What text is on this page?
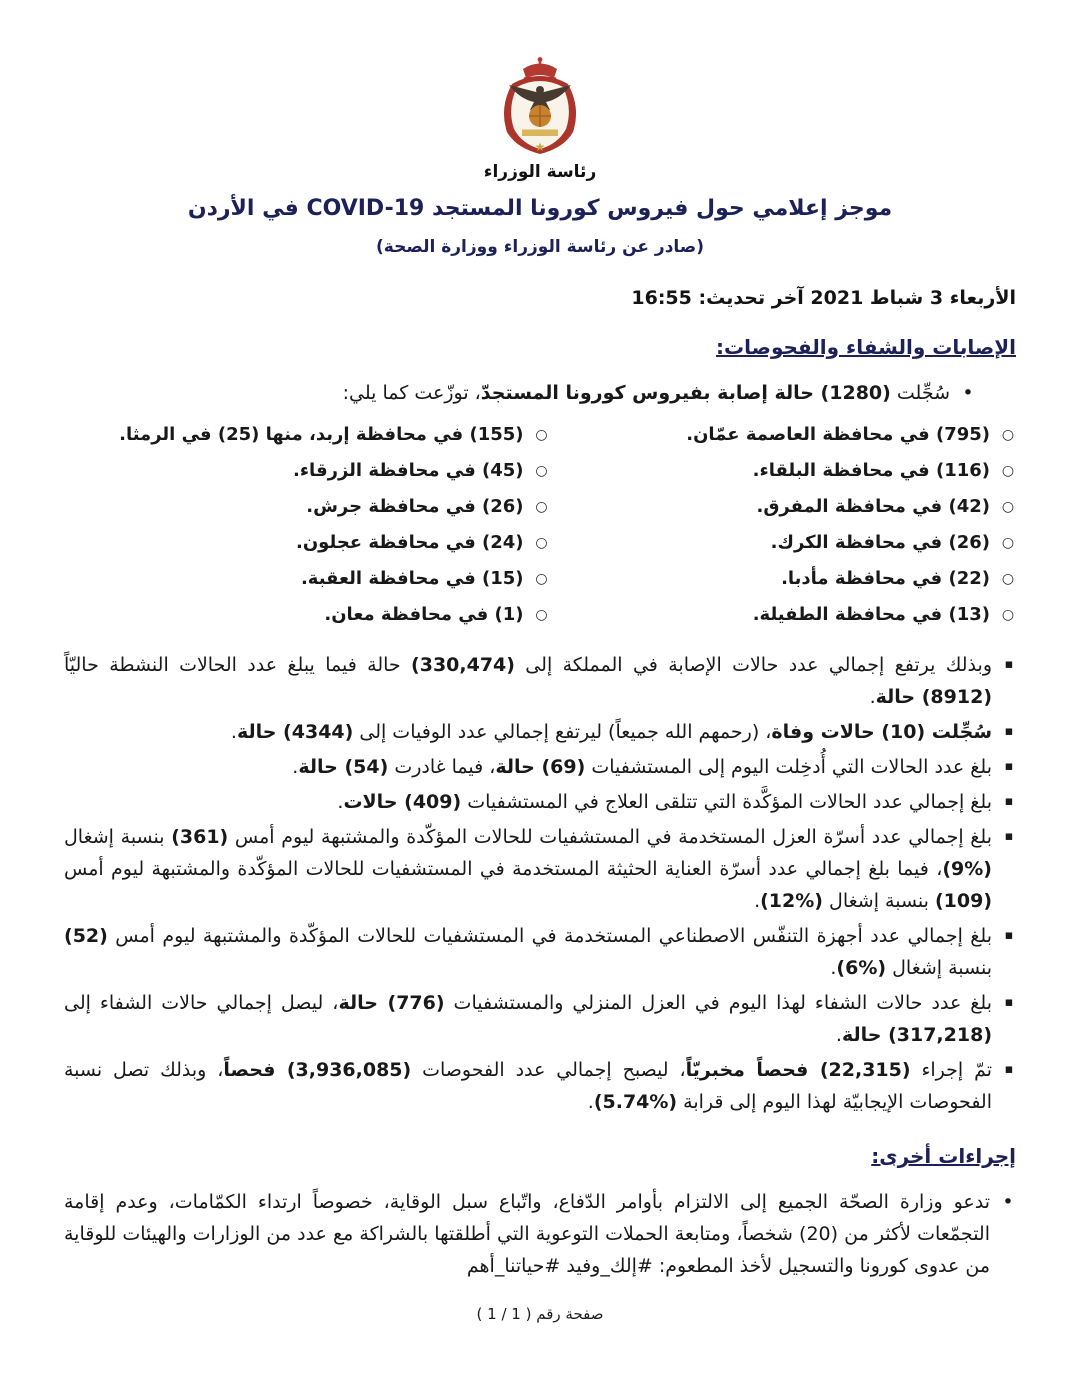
★
رئاسة الوزراء
موجز إعلامي حول فيروس كورونا المستجد COVID-19 في الأردن
(صادر عن رئاسة الوزراء ووزارة الصحة)
الأربعاء 3 شباط 2021 آخر تحديث: 16:55
الإصابات والشفاء والفحوصات:
•

سُجِّلت (1280) حالة إصابة بفيروس كورونا المستجدّ، توزّعت كما يلي:

○
(795) في محافظة العاصمة عمّان.
○
(116) في محافظة البلقاء.
○
(42) في محافظة المفرق.
○
(26) في محافظة الكرك.
○
(22) في محافظة مأدبا.
○
(13) في محافظة الطفيلة.
○
(155) في محافظة إربد، منها (25) في الرمثا.
○
(45) في محافظة الزرقاء.
○
(26) في محافظة جرش.
○
(24) في محافظة عجلون.
○
(15) في محافظة العقبة.
○
(1) في محافظة معان.
▪
وبذلك يرتفع إجمالي عدد حالات الإصابة في المملكة إلى (330,474) حالة فيما يبلغ عدد الحالات النشطة حاليّاً (8912) حالة.
▪
سُجِّلت (10) حالات وفاة، (رحمهم الله جميعاً) ليرتفع إجمالي عدد الوفيات إلى (4344) حالة.
▪
بلغ عدد الحالات التي أُدخِلت اليوم إلى المستشفيات (69) حالة، فيما غادرت (54) حالة.
▪
بلغ إجمالي عدد الحالات المؤكَّدة التي تتلقى العلاج في المستشفيات (409) حالات.
▪
بلغ إجمالي عدد أسرّة العزل المستخدمة في المستشفيات للحالات المؤكّدة والمشتبهة ليوم أمس (361) بنسبة إشغال (%9)، فيما بلغ إجمالي عدد أسرّة العناية الحثيثة المستخدمة في المستشفيات للحالات المؤكّدة والمشتبهة ليوم أمس (109) بنسبة إشغال (%12).
▪
بلغ إجمالي عدد أجهزة التنفّس الاصطناعي المستخدمة في المستشفيات للحالات المؤكّدة والمشتبهة ليوم أمس (52) بنسبة إشغال (%6).
▪
بلغ عدد حالات الشفاء لهذا اليوم في العزل المنزلي والمستشفيات (776) حالة، ليصل إجمالي حالات الشفاء إلى (317,218) حالة.
▪
تمّ إجراء (22,315) فحصاً مخبريّاً، ليصبح إجمالي عدد الفحوصات (3,936,085) فحصاً، وبذلك تصل نسبة الفحوصات الإيجابيّة لهذا اليوم إلى قرابة (%5.74).
إجراءات أخرى:
•

تدعو وزارة الصحّة الجميع إلى الالتزام بأوامر الدّفاع، واتّباع سبل الوقاية، خصوصاً ارتداء الكمّامات، وعدم إقامة التجمّعات لأكثر من (20) شخصاً، ومتابعة الحملات التوعوية التي أطلقتها بالشراكة مع عدد من الوزارات والهيئات للوقاية من عدوى كورونا والتسجيل لأخذ المطعوم: #إلك_وفيد #حياتنا_أهم

صفحة رقم ( 1 / 1 )
